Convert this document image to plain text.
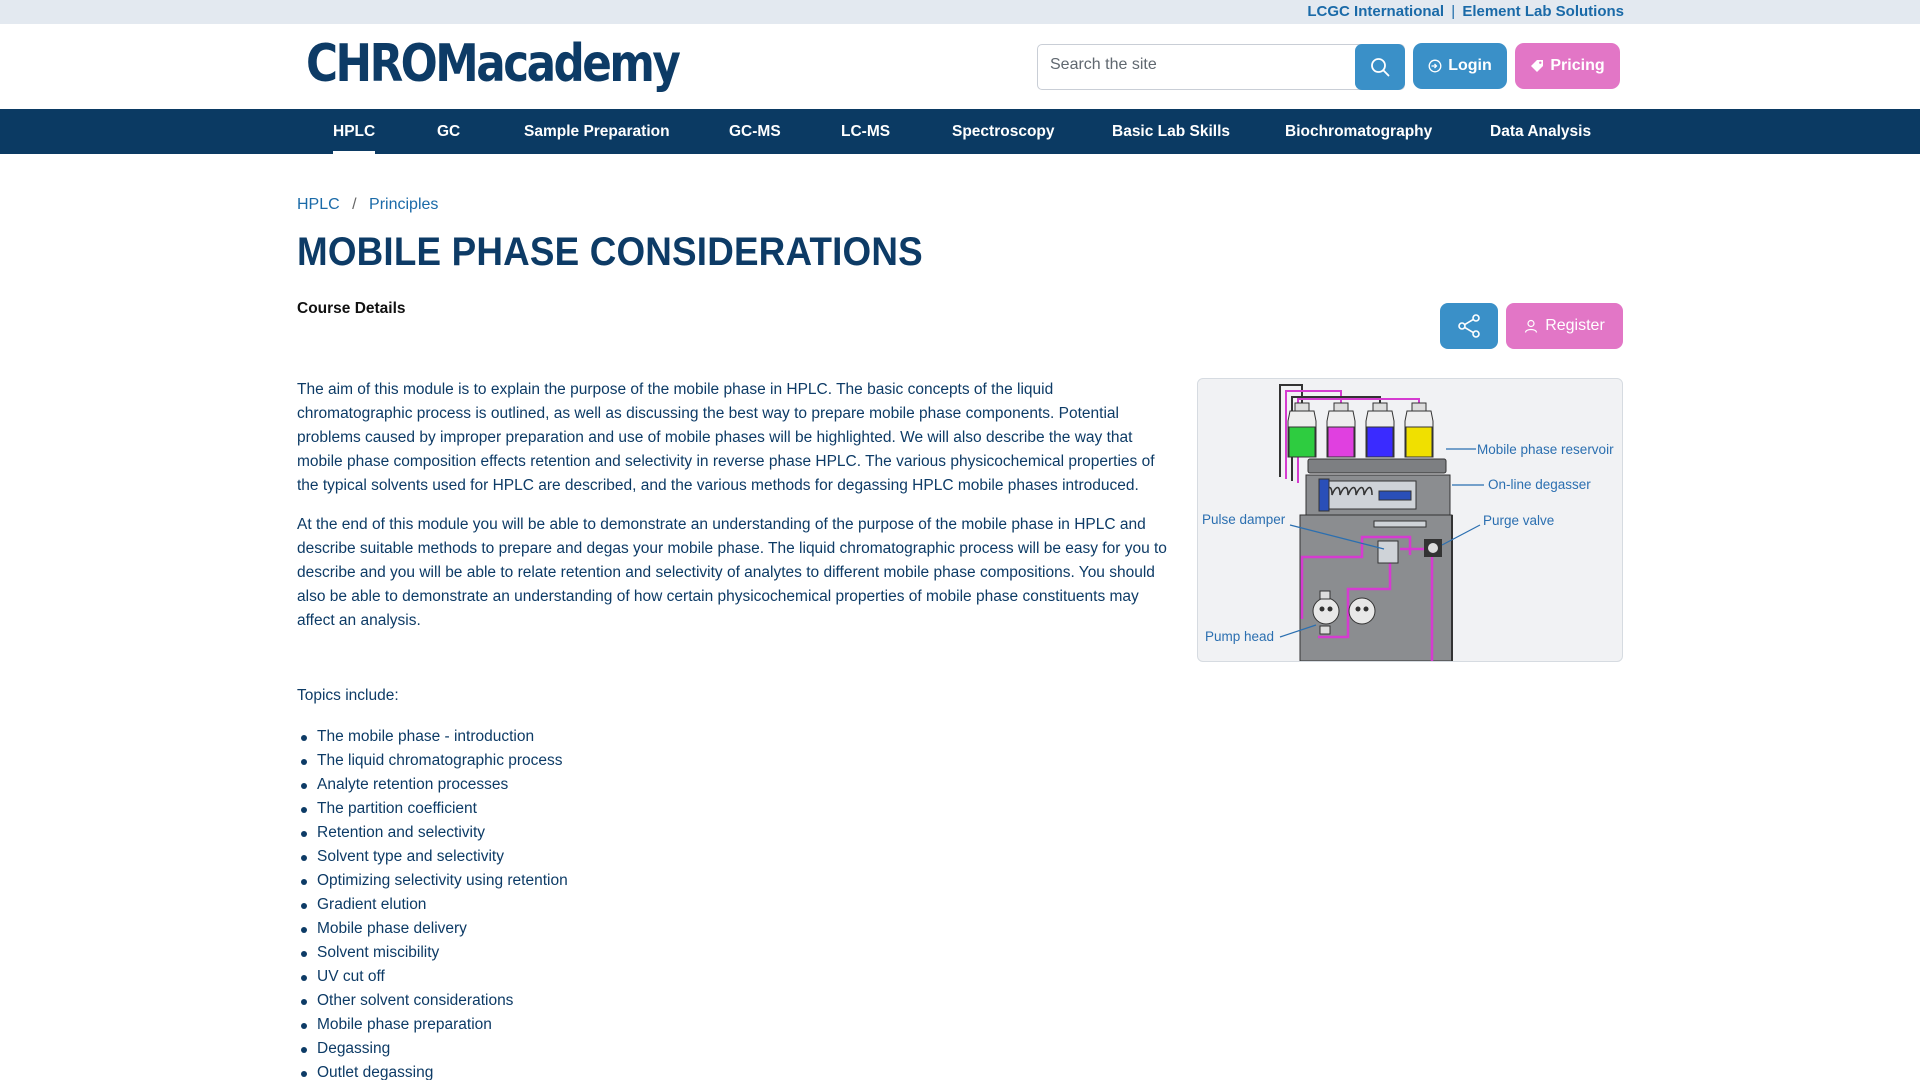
LCGC International | Element Lab Solutions
CHROMacademy
Search the site	Login	Pricing
HPLC	GC	Sample Preparation	GC-MS	LC-MS	Spectroscopy	Basic Lab Skills	Biochromatography	Data Analysis
HPLC / Principles
MOBILE PHASE CONSIDERATIONS
Course Details
Register

The aim of this module is to explain the purpose of the mobile phase in HPLC. The basic concepts of the liquid chromatographic process is outlined, as well as discussing the best way to prepare mobile phase components. Potential problems caused by improper preparation and use of mobile phases will be highlighted. We will also describe the way that mobile phase composition effects retention and selectivity in reverse phase HPLC. The various physicochemical properties of the typical solvents used for HPLC are described, and the various methods for degassing HPLC mobile phases introduced.

At the end of this module you will be able to demonstrate an understanding of the purpose of the mobile phase in HPLC and describe suitable methods to prepare and degas your mobile phase. The liquid chromatographic process will be easy for you to describe and you will be able to relate retention and selectivity of analytes to different mobile phase compositions. You should also be able to demonstrate an understanding of how certain physicochemical properties of mobile phase constituents may affect an analysis.

Topics include:
The mobile phase - introduction
The liquid chromatographic process
Analyte retention processes
The partition coefficient
Retention and selectivity
Solvent type and selectivity
Optimizing selectivity using retention
Gradient elution
Mobile phase delivery
Solvent miscibility
UV cut off
Other solvent considerations
Mobile phase preparation
Degassing
Outlet degassing
Mobile phase reservoir
On-line degasser
Pulse damper	Purge valve
Pump head
